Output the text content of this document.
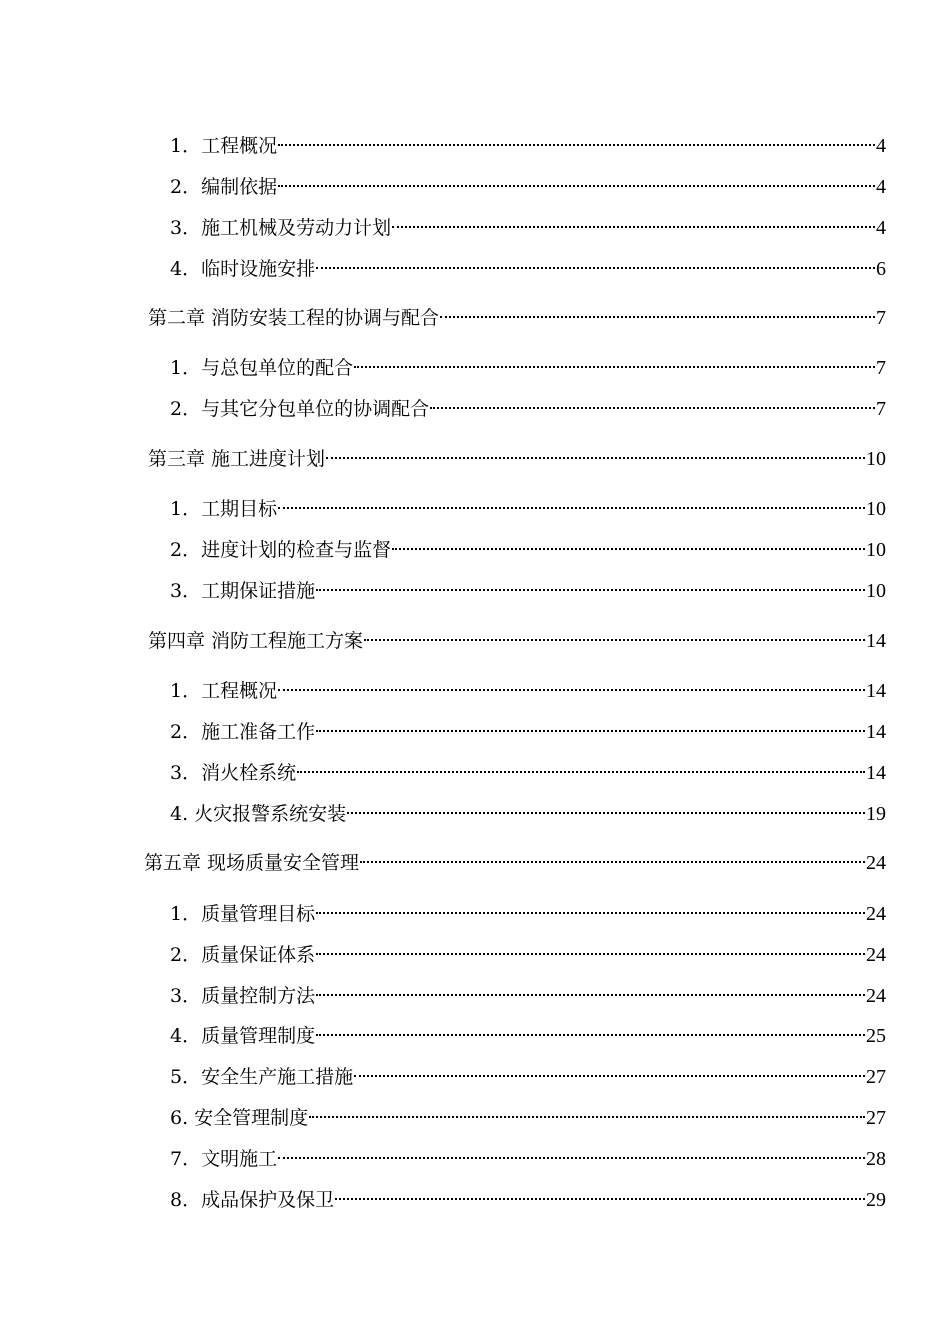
1．工程概况	4
2．编制依据	4
3．施工机械及劳动力计划	4
4．临时设施安排	6
第二章 消防安装工程的协调与配合	7
1．与总包单位的配合	7
2．与其它分包单位的协调配合	7
第三章 施工进度计划	10
1．工期目标	10
2．进度计划的检查与监督	10
3．工期保证措施	10
第四章 消防工程施工方案	14
1．工程概况	14
2．施工准备工作	14
3．消火栓系统	14
4. 火灾报警系统安装	19
第五章 现场质量安全管理	24
1．质量管理目标	24
2．质量保证体系	24
3．质量控制方法	24
4．质量管理制度	25
5．安全生产施工措施	27
6. 安全管理制度	27
7．文明施工	28
8．成品保护及保卫	29
